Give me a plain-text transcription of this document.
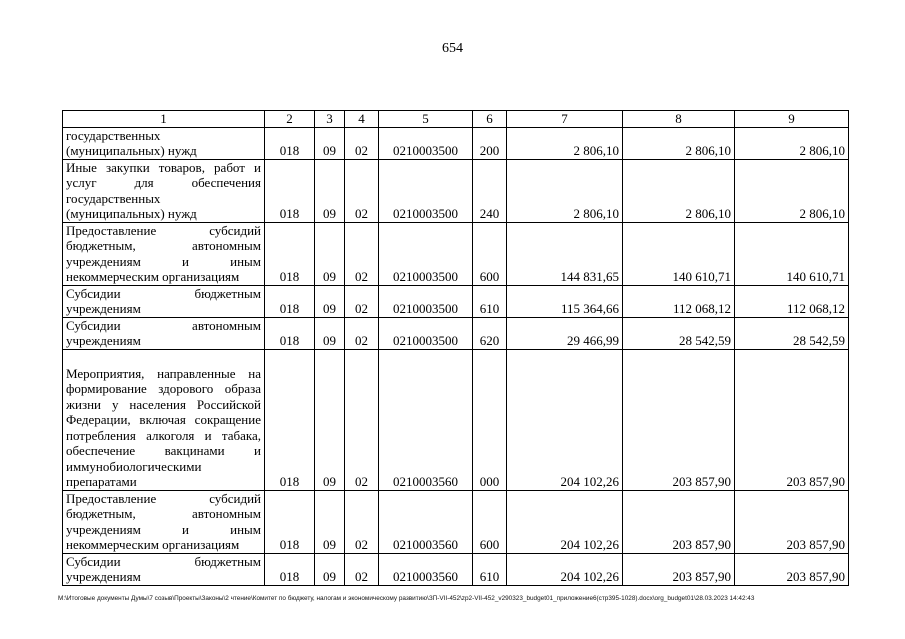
654
1	2	3	4	5	6	7	8	9
государственных (муниципальных) нужд	018	09	02	0210003500	200	2 806,10	2 806,10	2 806,10
Иные закупки товаров, работ и услуг для обеспечения государственных (муниципальных) нужд	018	09	02	0210003500	240	2 806,10	2 806,10	2 806,10
Предоставление субсидий бюджетным, автономным учреждениям и иным некоммерческим организациям	018	09	02	0210003500	600	144 831,65	140 610,71	140 610,71
Субсидии бюджетным учреждениям	018	09	02	0210003500	610	115 364,66	112 068,12	112 068,12
Субсидии автономным учреждениям	018	09	02	0210003500	620	29 466,99	28 542,59	28 542,59
Мероприятия, направленные на формирование здорового образа жизни у населения Российской Федерации, включая сокращение потребления алкоголя и табака, обеспечение вакцинами и иммунобиологическими препаратами	018	09	02	0210003560	000	204 102,26	203 857,90	203 857,90
Предоставление субсидий бюджетным, автономным учреждениям и иным некоммерческим организациям	018	09	02	0210003560	600	204 102,26	203 857,90	203 857,90
Субсидии бюджетным учреждениям	018	09	02	0210003560	610	204 102,26	203 857,90	203 857,90
M:\Итоговые документы Думы\7 созыв\Проекты\Законы\2 чтение\Комитет по бюджету, налогам и экономическому развитию\ЗП-VII-452\zp2-VII-452_v290323_budget01_приложение6(стр395-1028).docx\org_budget01\28.03.2023 14:42:43
